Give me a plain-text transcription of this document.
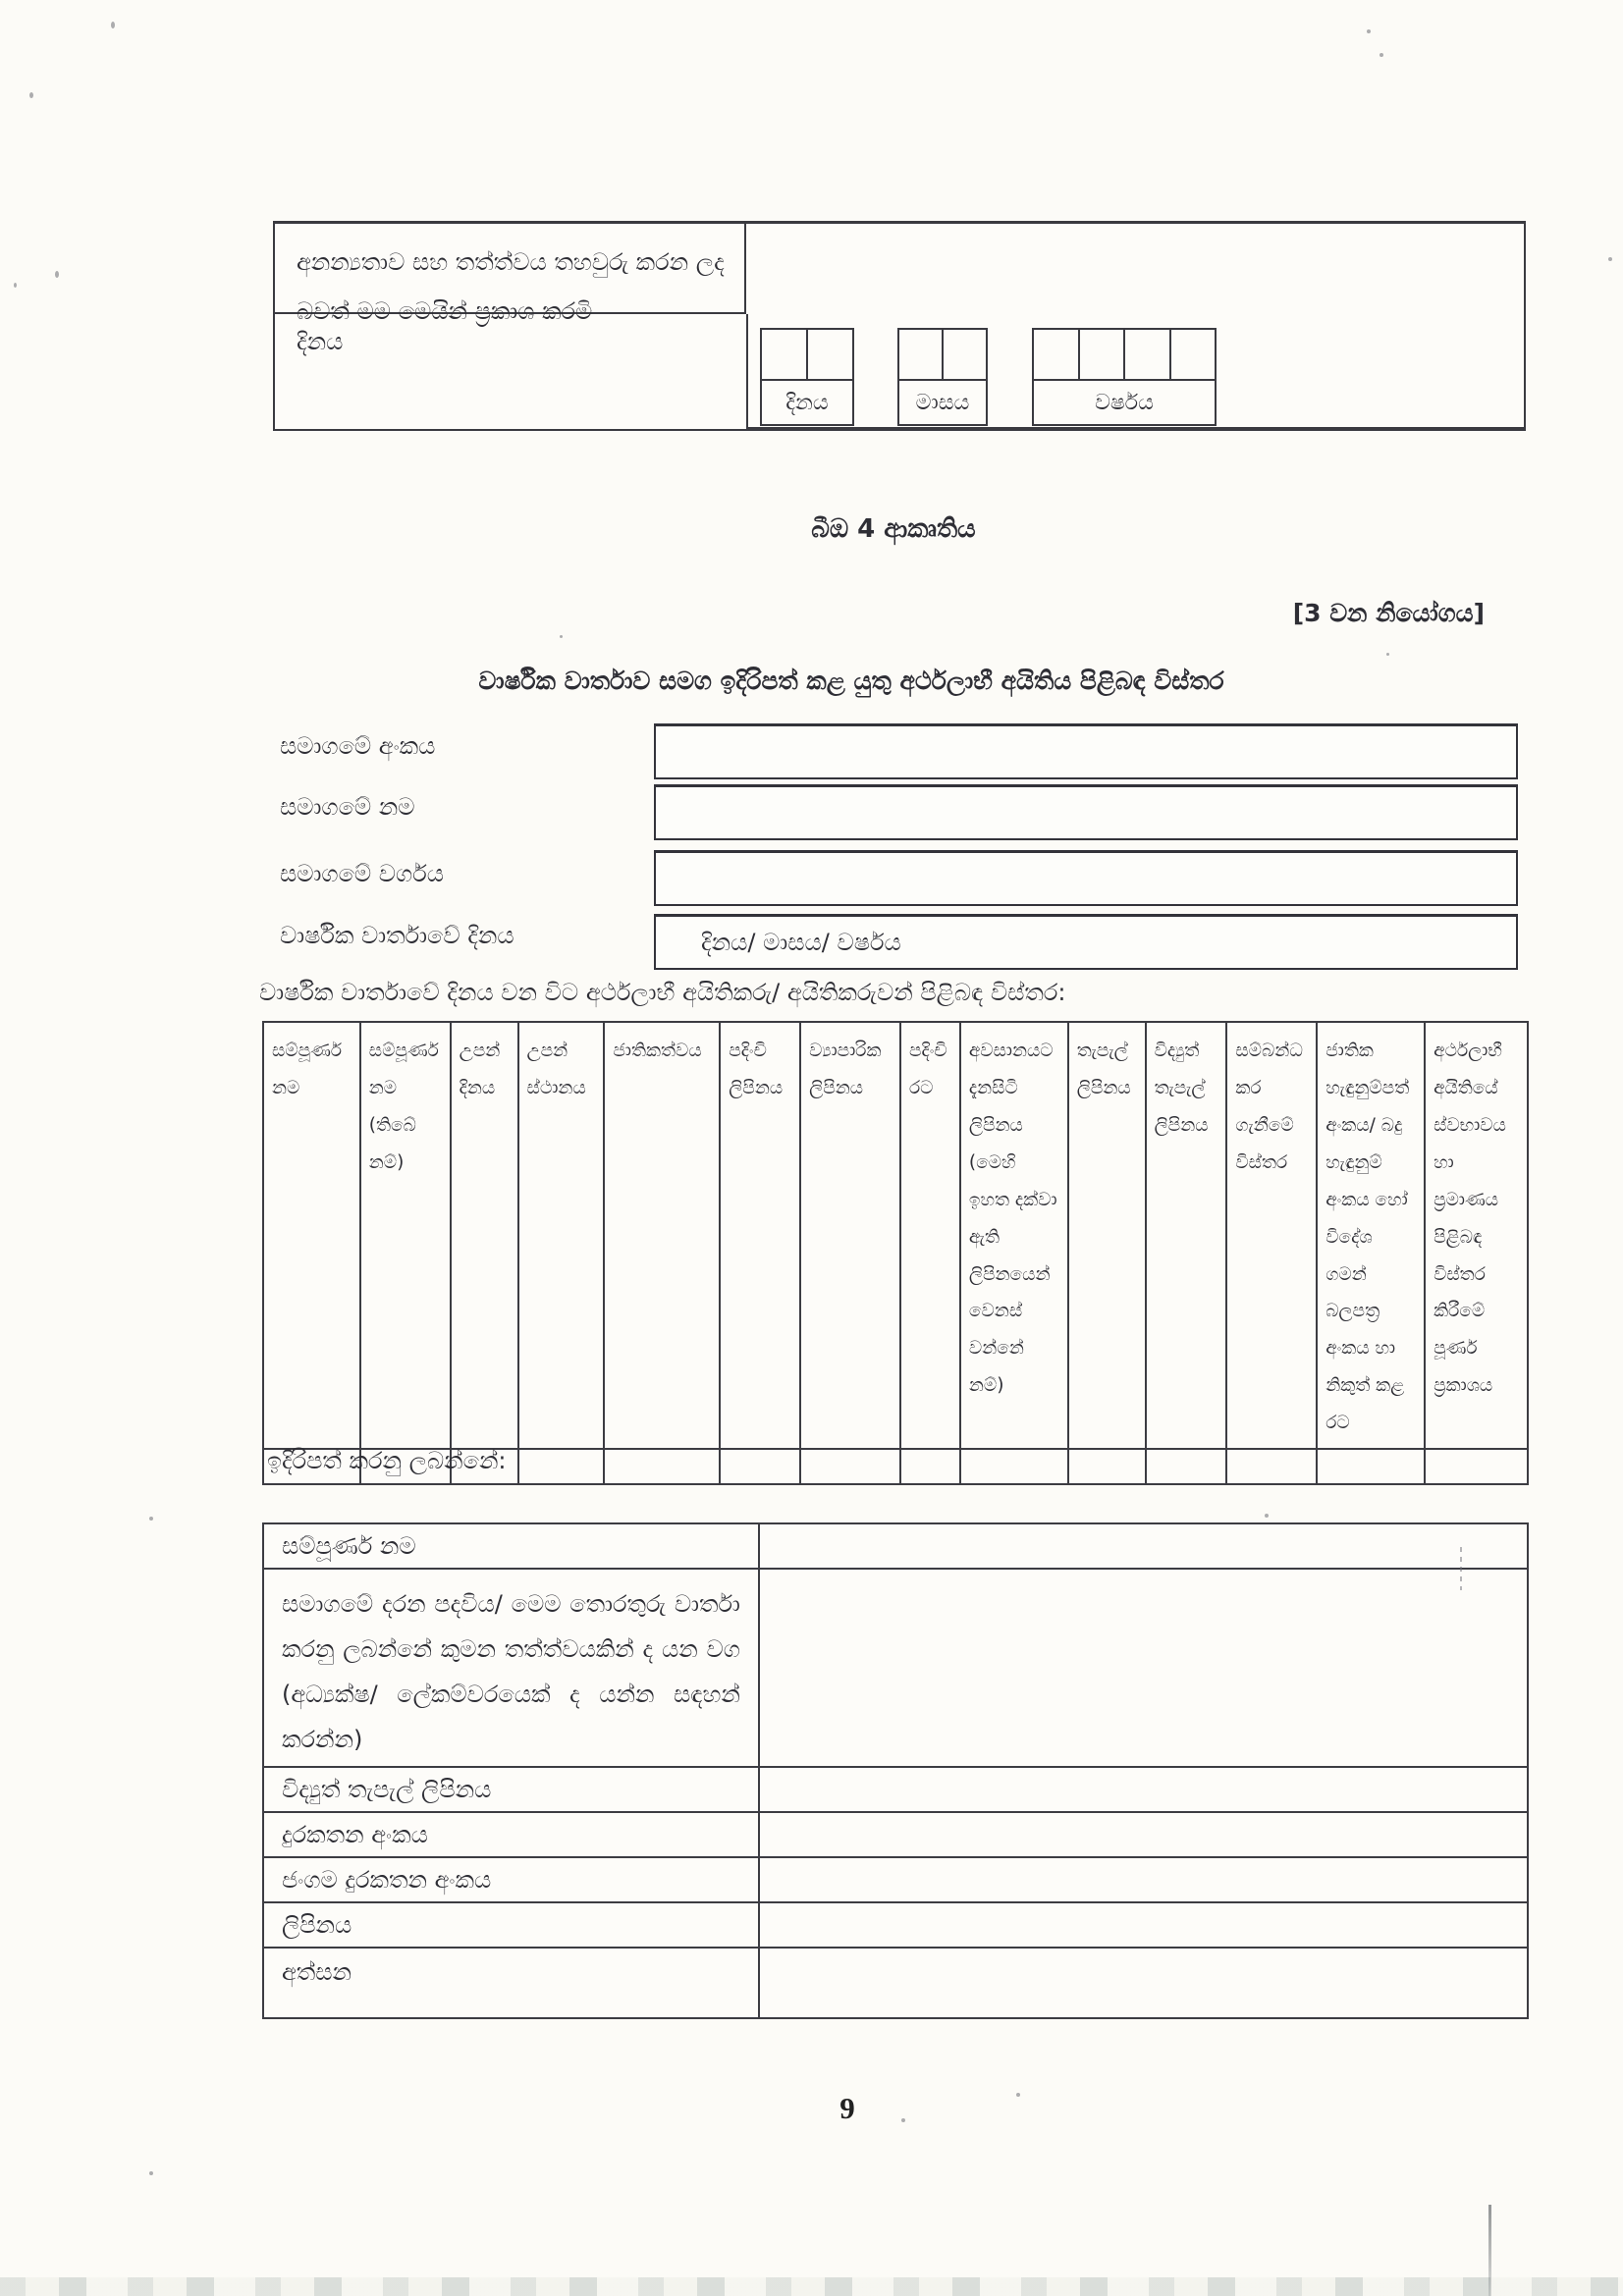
අනන්‍යතාව සහ තත්ත්වය තහවුරු කරන ලද බවත් මම මෙයින් ප්‍රකාශ කරමි
දිනය
දිනය	මාසය	වර්ෂය
බීඔ 4 ආකෘතිය
[3 වන නියෝගය]
වාර්ෂික වාර්තාව සමග ඉදිරිපත් කළ යුතු අර්ථලාභී අයිතිය පිළිබඳ විස්තර
සමාගමේ අංකය
සමාගමේ නම
සමාගමේ වර්ගය
වාර්ෂික වාර්තාවේ දිනය	දිනය/ මාසය/ වර්ෂය
වාර්ෂික වාර්තාවේ දිනය වන විට අර්ථලාභී අයිතිකරු/ අයිතිකරුවන් පිළිබඳ විස්තර:
සම්පූර්ණ නම	සම්පූර්ණ නම (තිබේ නම්)	උපන් දිනය	උපන් ස්ථානය	ජාතිකත්වය	පදිංචි ලිපිනය	ව්‍යාපාරික ලිපිනය	පදිංචි රට	අවසානයට දැනසිටි ලිපිනය (මෙහි ඉහත දක්වා ඇති ලිපිනයෙන් වෙනස් වන්නේ නම්)	තැපැල් ලිපිනය	විද්‍යුත් තැපැල් ලිපිනය	සම්බන්ධ කර ගැනීමේ විස්තර	ජාතික හැඳුනුම්පත් අංකය/ බදු හැඳුනුම් අංකය හෝ විදේශ ගමන් බලපත්‍ර අංකය හා නිකුත් කළ රට	අර්ථලාභී අයිතියේ ස්වභාවය හා ප්‍රමාණය පිළිබඳ විස්තර කිරීමේ පූර්ණ ප්‍රකාශය

ඉදිරිපත් කරනු ලබන්නේ:
සම්පූර්ණ නම	
සමාගමේ දරන පදවිය/ මෙම තොරතුරු වාර්තා කරනු ලබන්නේ කුමන තත්ත්වයකින් ද යන වග (අධ්‍යක්ෂ/ ලේකම්වරයෙක් ද යන්න සඳහන් කරන්න)	
විද්‍යුත් තැපැල් ලිපිනය	
දුරකතන අංකය	
ජංගම දුරකතන අංකය	
ලිපිනය	
අත්සන	
9
